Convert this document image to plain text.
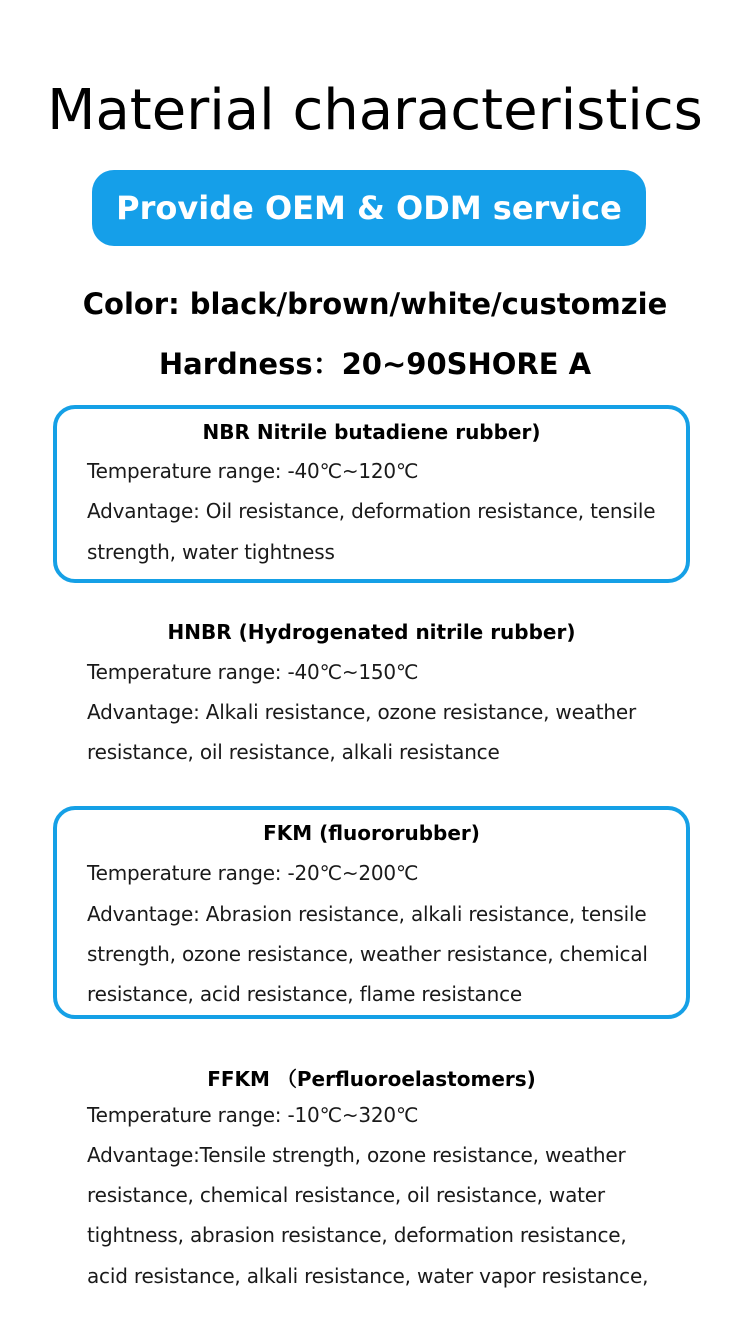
Material characteristics
Provide OEM & ODM service
Color: black/brown/white/customzie
Hardness：20~90SHORE A
NBR Nitrile butadiene rubber)
Temperature range: -40℃~120℃
Advantage: Oil resistance, deformation resistance, tensile
strength, water tightness
HNBR (Hydrogenated nitrile rubber)
Temperature range: -40℃~150℃
Advantage: Alkali resistance, ozone resistance, weather
resistance, oil resistance, alkali resistance
FKM (fluororubber)
Temperature range: -20℃~200℃
Advantage: Abrasion resistance, alkali resistance, tensile
strength, ozone resistance, weather resistance, chemical
resistance, acid resistance, flame resistance
FFKM （Perfluoroelastomers)
Temperature range: -10℃~320℃
Advantage:Tensile strength, ozone resistance, weather
resistance, chemical resistance, oil resistance, water
tightness, abrasion resistance, deformation resistance,
acid resistance, alkali resistance, water vapor resistance,
